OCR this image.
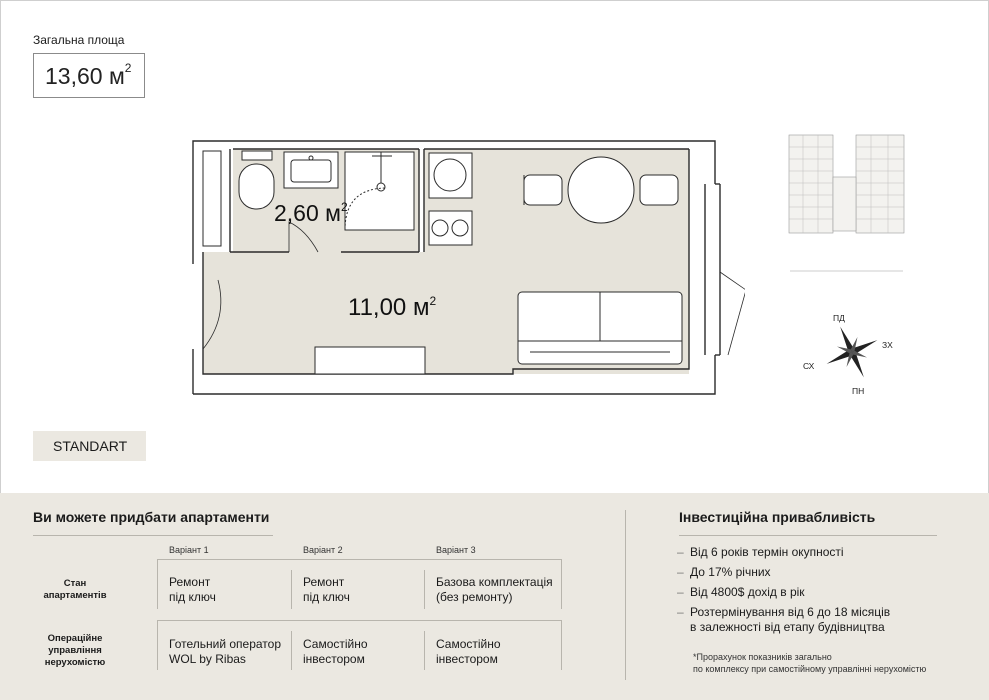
Загальна площа
13,60 $м^2$
2,60 $м^2$
11,00 $м^2$
ПД
ЗХ
ПН
СХ
STANDART
Ви можете придбати апартаменти
Варіант 1	Варіант 2	Варіант 3
Стан
апартаментів
Операційне
управління
нерухомістю
Ремонт
під ключ
Ремонт
під ключ
Базова комплектація
(без ремонту)
Готельний оператор
WOL by Ribas
Самостійно
інвестором
Самостійно
інвестором
Інвестиційна привабливість
– Від 6 років термін окупності
– До 17% річних
– Від 4800$ дохід в рік
– Розтермінування від 6 до 18 місяців
в залежності від етапу будівництва
*Прорахунок показників загально
по комплексу при самостійному управлінні нерухомістю
